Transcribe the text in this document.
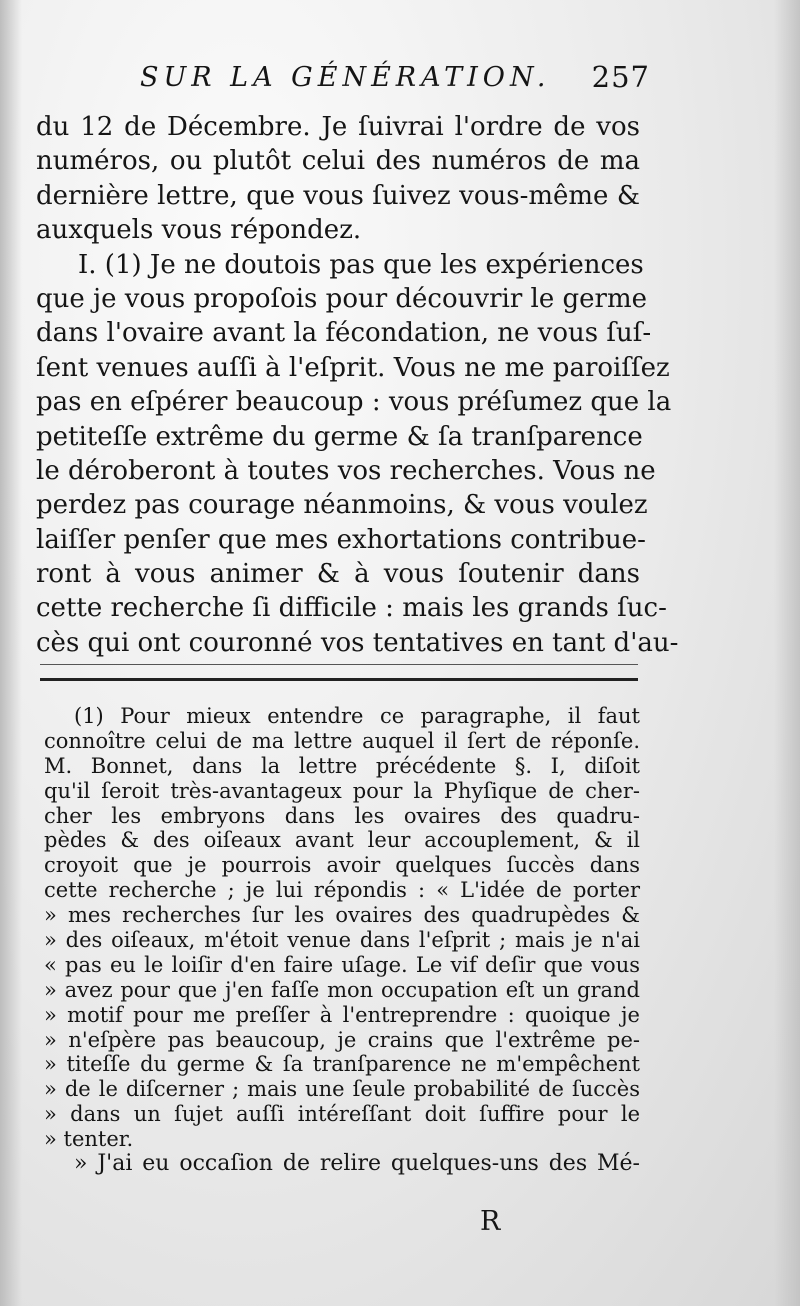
SUR LA GÉNÉRATION. 257
du 12 de Décembre. Je ſuivrai l'ordre de vos
numéros, ou plutôt celui des numéros de ma
dernière lettre, que vous ſuivez vous-même &
auxquels vous répondez.
I. (1) Je ne doutois pas que les expériences
que je vous propoſois pour découvrir le germe
dans l'ovaire avant la fécondation, ne vous ſuſ-
ſent venues auſſi à l'eſprit. Vous ne me paroiſſez
pas en eſpérer beaucoup : vous préſumez que la
petiteſſe extrême du germe & ſa tranſparence
le déroberont à toutes vos recherches. Vous ne
perdez pas courage néanmoins, & vous voulez
laiſſer penſer que mes exhortations contribue-
ront à vous animer & à vous ſoutenir dans
cette recherche ſi difficile : mais les grands ſuc-
cès qui ont couronné vos tentatives en tant d'au-
(1) Pour mieux entendre ce paragraphe, il faut
connoître celui de ma lettre auquel il ſert de réponſe.
M. Bonnet, dans la lettre précédente §. I, diſoit
qu'il ſeroit très-avantageux pour la Phyſique de cher-
cher les embryons dans les ovaires des quadru-
pèdes & des oiſeaux avant leur accouplement, & il
croyoit que je pourrois avoir quelques ſuccès dans
cette recherche ; je lui répondis : « L'idée de porter
» mes recherches ſur les ovaires des quadrupèdes &
» des oiſeaux, m'étoit venue dans l'eſprit ; mais je n'ai
« pas eu le loiſir d'en faire uſage. Le vif deſir que vous
» avez pour que j'en faſſe mon occupation eſt un grand
» motif pour me preſſer à l'entreprendre : quoique je
» n'eſpère pas beaucoup, je crains que l'extrême pe-
» titeſſe du germe & ſa tranſparence ne m'empêchent
» de le diſcerner ; mais une ſeule probabilité de ſuccès
» dans un ſujet auſſi intéreſſant doit ſuffire pour le
» tenter.
» J'ai eu occaſion de relire quelques-uns des Mé-
R
